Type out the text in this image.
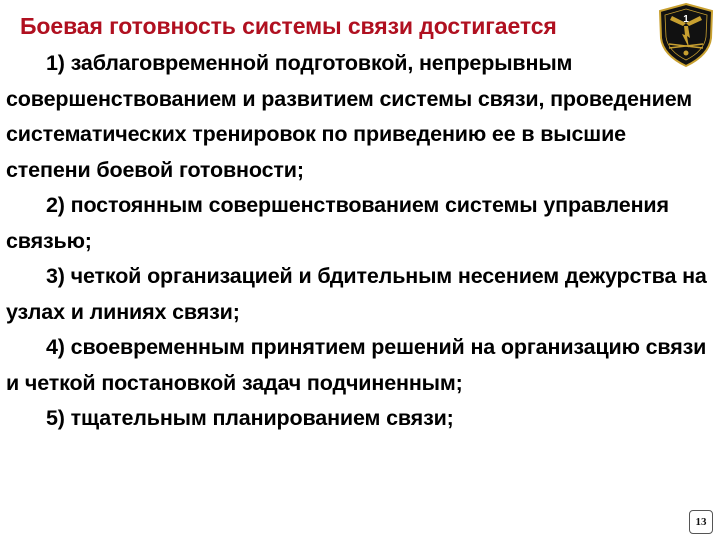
Боевая готовность системы связи достигается	1

1) заблаговременной подготовкой, непрерывным совершенствованием и развитием системы связи, проведением систематических тренировок по приведению ее в высшие степени боевой готовности;

2) постоянным совершенствованием системы управления связью;

3) четкой организацией и бдительным несением дежурства на узлах и линиях связи;

4) своевременным принятием решений на организацию связи и четкой постановкой задач подчиненным;

5) тщательным планированием связи;

13
